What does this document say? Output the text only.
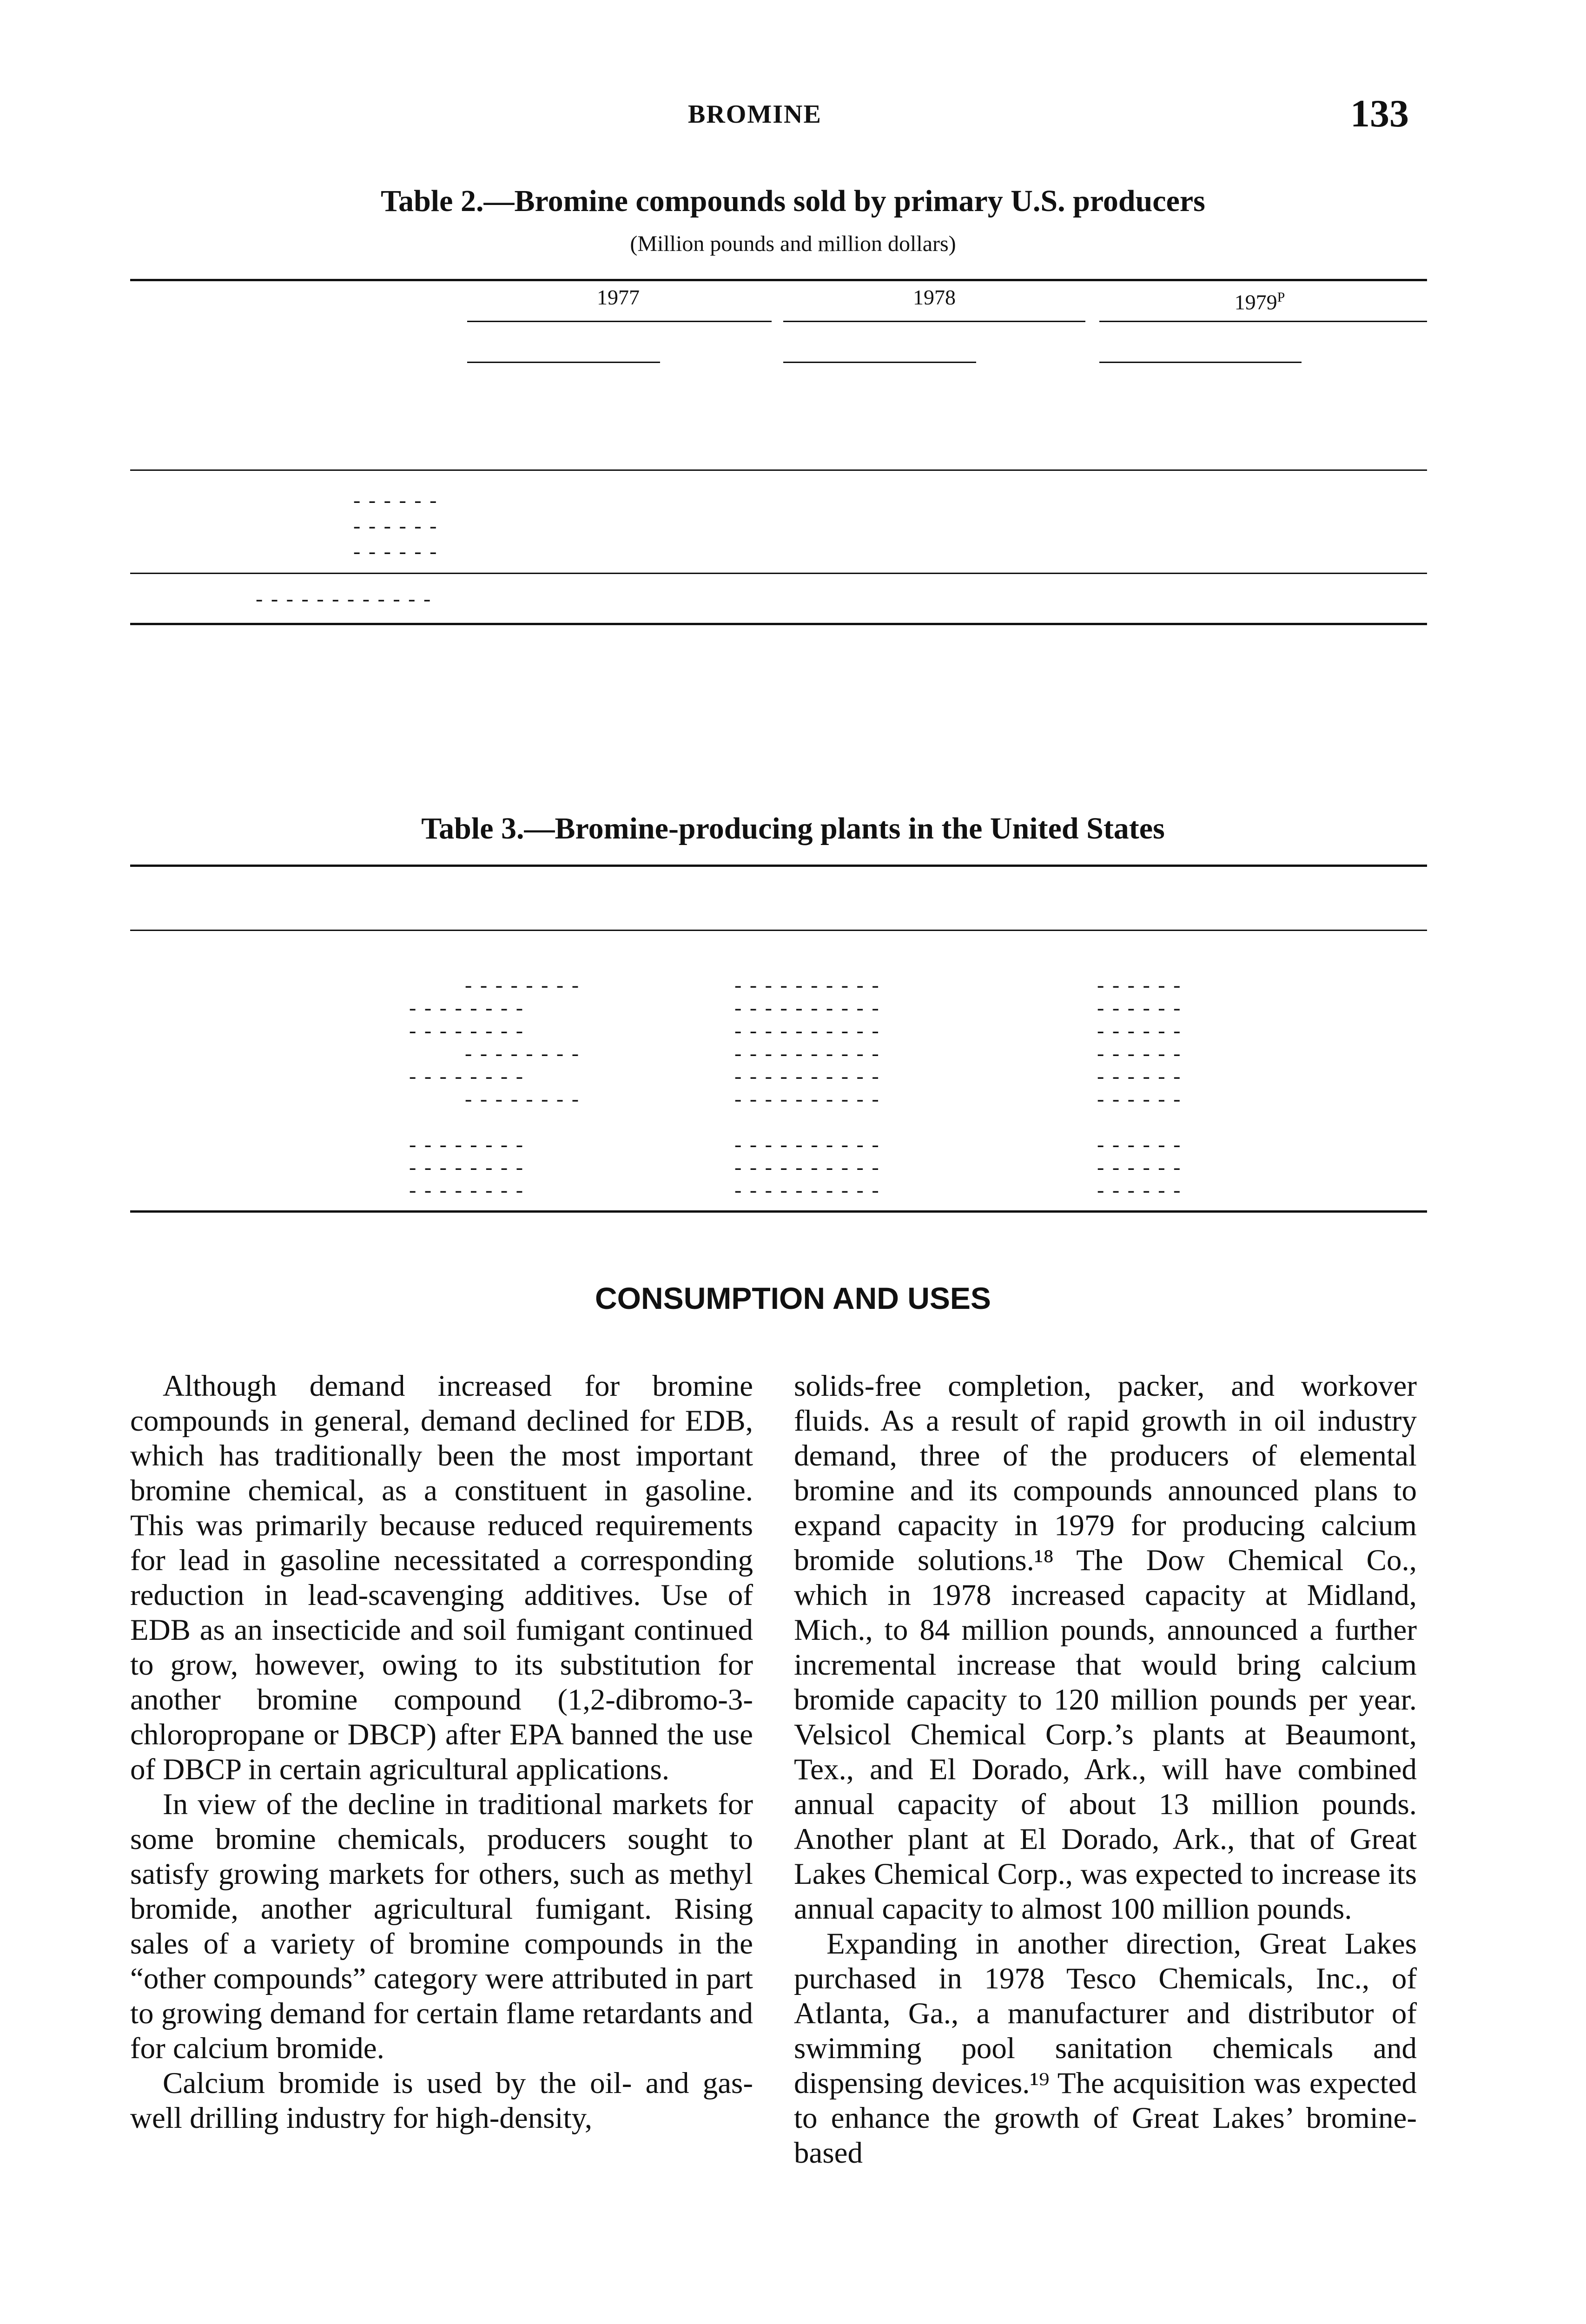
BROMINE	133
Table 2.—Bromine compounds sold by primary U.S. producers
(Million pounds and million dollars)
1977	1978	$1979^P$
- - - - - -
- - - - - -
- - - - - -
- - - - - - - - - - - -
Table 3.—Bromine-producing plants in the United States
- - - - - - - -	- - - - - - - - - -	- - - - - -
- - - - - - - -	- - - - - - - - - -	- - - - - -
- - - - - - - -	- - - - - - - - - -	- - - - - -
- - - - - - - -	- - - - - - - - - -	- - - - - -
- - - - - - - -	- - - - - - - - - -	- - - - - -
- - - - - - - -	- - - - - - - - - -	- - - - - -
- - - - - - - -	- - - - - - - - - -	- - - - - -
- - - - - - - -	- - - - - - - - - -	- - - - - -
- - - - - - - -	- - - - - - - - - -	- - - - - -
CONSUMPTION AND USES

Although demand increased for bromine compounds in general, demand declined for EDB, which has traditionally been the most important bromine chemical, as a constituent in gasoline. This was primarily because reduced requirements for lead in gasoline necessitated a corresponding reduction in lead-scavenging additives. Use of EDB as an insecticide and soil fumigant continued to grow, however, owing to its substitution for another bromine compound (1,2-dibromo-3-chloropropane or DBCP) after EPA banned the use of DBCP in certain agricultural applications.

In view of the decline in traditional markets for some bromine chemicals, producers sought to satisfy growing markets for others, such as methyl bromide, another agricultural fumigant. Rising sales of a variety of bromine compounds in the “other compounds” category were attributed in part to growing demand for certain flame retardants and for calcium bromide.

Calcium bromide is used by the oil- and gas-well drilling industry for high-density,

solids-free completion, packer, and workover fluids. As a result of rapid growth in oil industry demand, three of the producers of elemental bromine and its compounds announced plans to expand capacity in 1979 for producing calcium bromide solutions.¹⁸ The Dow Chemical Co., which in 1978 increased capacity at Midland, Mich., to 84 million pounds, announced a further incremental increase that would bring calcium bromide capacity to 120 million pounds per year. Velsicol Chemical Corp.’s plants at Beaumont, Tex., and El Dorado, Ark., will have combined annual capacity of about 13 million pounds. Another plant at El Dorado, Ark., that of Great Lakes Chemical Corp., was expected to increase its annual capacity to almost 100 million pounds.

Expanding in another direction, Great Lakes purchased in 1978 Tesco Chemicals, Inc., of Atlanta, Ga., a manufacturer and distributor of swimming pool sanitation chemicals and dispensing devices.¹⁹ The acquisition was expected to enhance the growth of Great Lakes’ bromine-based
